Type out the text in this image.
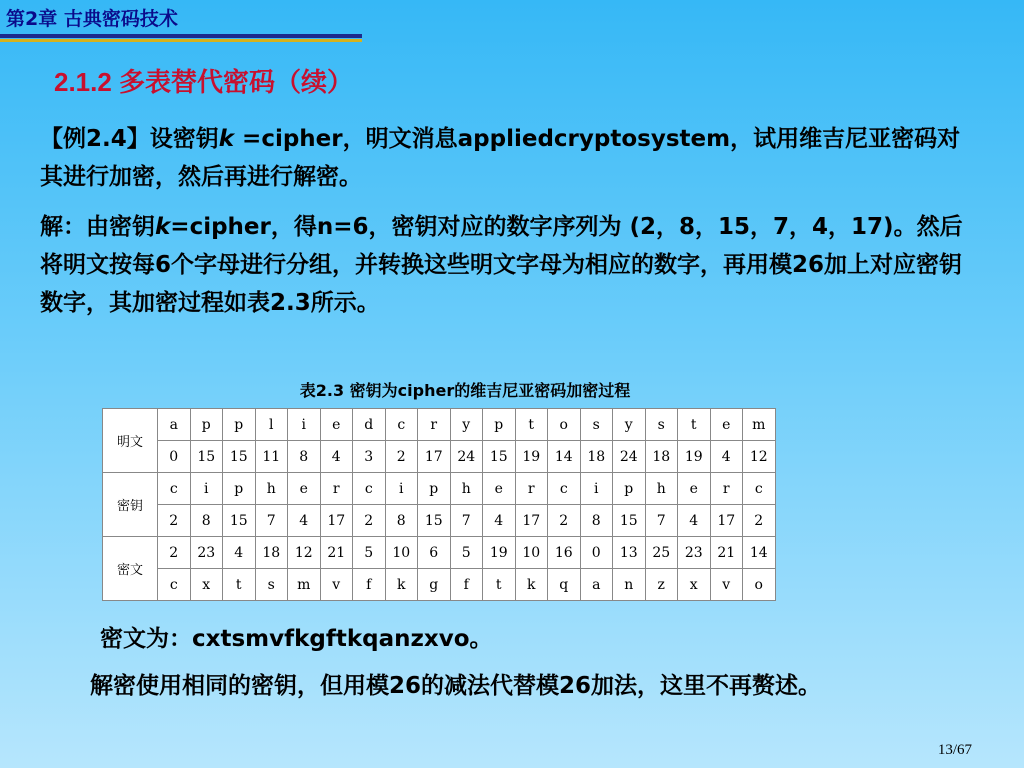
第2章 古典密码技术
2.1.2 多表替代密码（续）

【例2.4】设密钥k =cipher，明文消息appliedcryptosystem，试用维吉尼亚密码对其进行加密，然后再进行解密。

解：由密钥k=cipher，得n=6，密钥对应的数字序列为 (2，8，15，7，4，17)。然后将明文按每6个字母进行分组，并转换这些明文字母为相应的数字，再用模26加上对应密钥数字，其加密过程如表2.3所示。

表2.3 密钥为cipher的维吉尼亚密码加密过程
明文	a	p	p	l	i	e	d	c	r	y	p	t	o	s	y	s	t	e	m
	0	15	15	11	8	4	3	2	17	24	15	19	14	18	24	18	19	4	12
密钥	c	i	p	h	e	r	c	i	p	h	e	r	c	i	p	h	e	r	c
	2	8	15	7	4	17	2	8	15	7	4	17	2	8	15	7	4	17	2
密文	2	23	4	18	12	21	5	10	6	5	19	10	16	0	13	25	23	21	14
	c	x	t	s	m	v	f	k	g	f	t	k	q	a	n	z	x	v	o
密文为：cxtsmvfkgftkqanzxvo。

解密使用相同的密钥，但用模26的减法代替模26加法，这里不再赘述。

13/67
